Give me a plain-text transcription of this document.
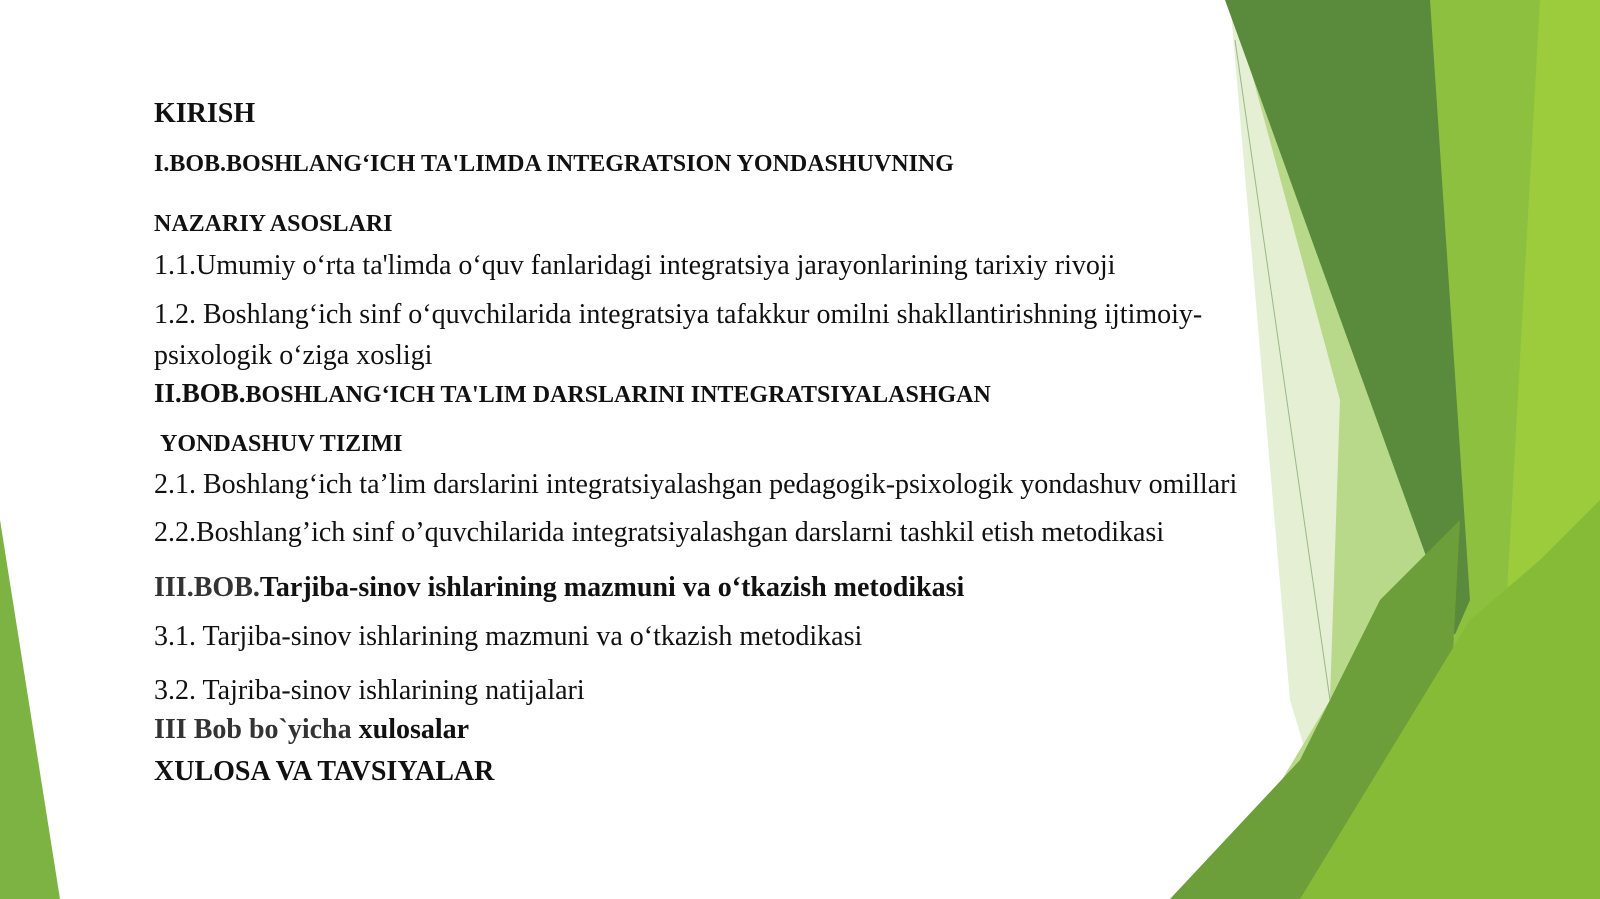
KIRISH
I.BOB.BOSHLANG‘ICH TA'LIMDA INTEGRATSION YONDASHUVNING
NAZARIY ASOSLARI
1.1.Umumiy o‘rta ta'limda o‘quv fanlaridagi integratsiya jarayonlarining tarixiy rivoji
1.2. Boshlang‘ich sinf o‘quvchilarida integratsiya tafakkur omilni shakllantirishning ijtimoiy-
psixologik o‘ziga xosligi
II.BOB.BOSHLANG‘ICH TA'LIM DARSLARINI INTEGRATSIYALASHGAN
YONDASHUV TIZIMI
2.1. Boshlang‘ich ta’lim darslarini integratsiyalashgan pedagogik-psixologik yondashuv omillari
2.2.Boshlang’ich sinf o’quvchilarida integratsiyalashgan darslarni tashkil etish metodikasi
III.BOB.Tarjiba-sinov ishlarining mazmuni va o‘tkazish metodikasi
3.1. Tarjiba-sinov ishlarining mazmuni va o‘tkazish metodikasi
3.2. Tajriba-sinov ishlarining natijalari
III Bob bo`yicha xulosalar
XULOSA VA TAVSIYALAR
